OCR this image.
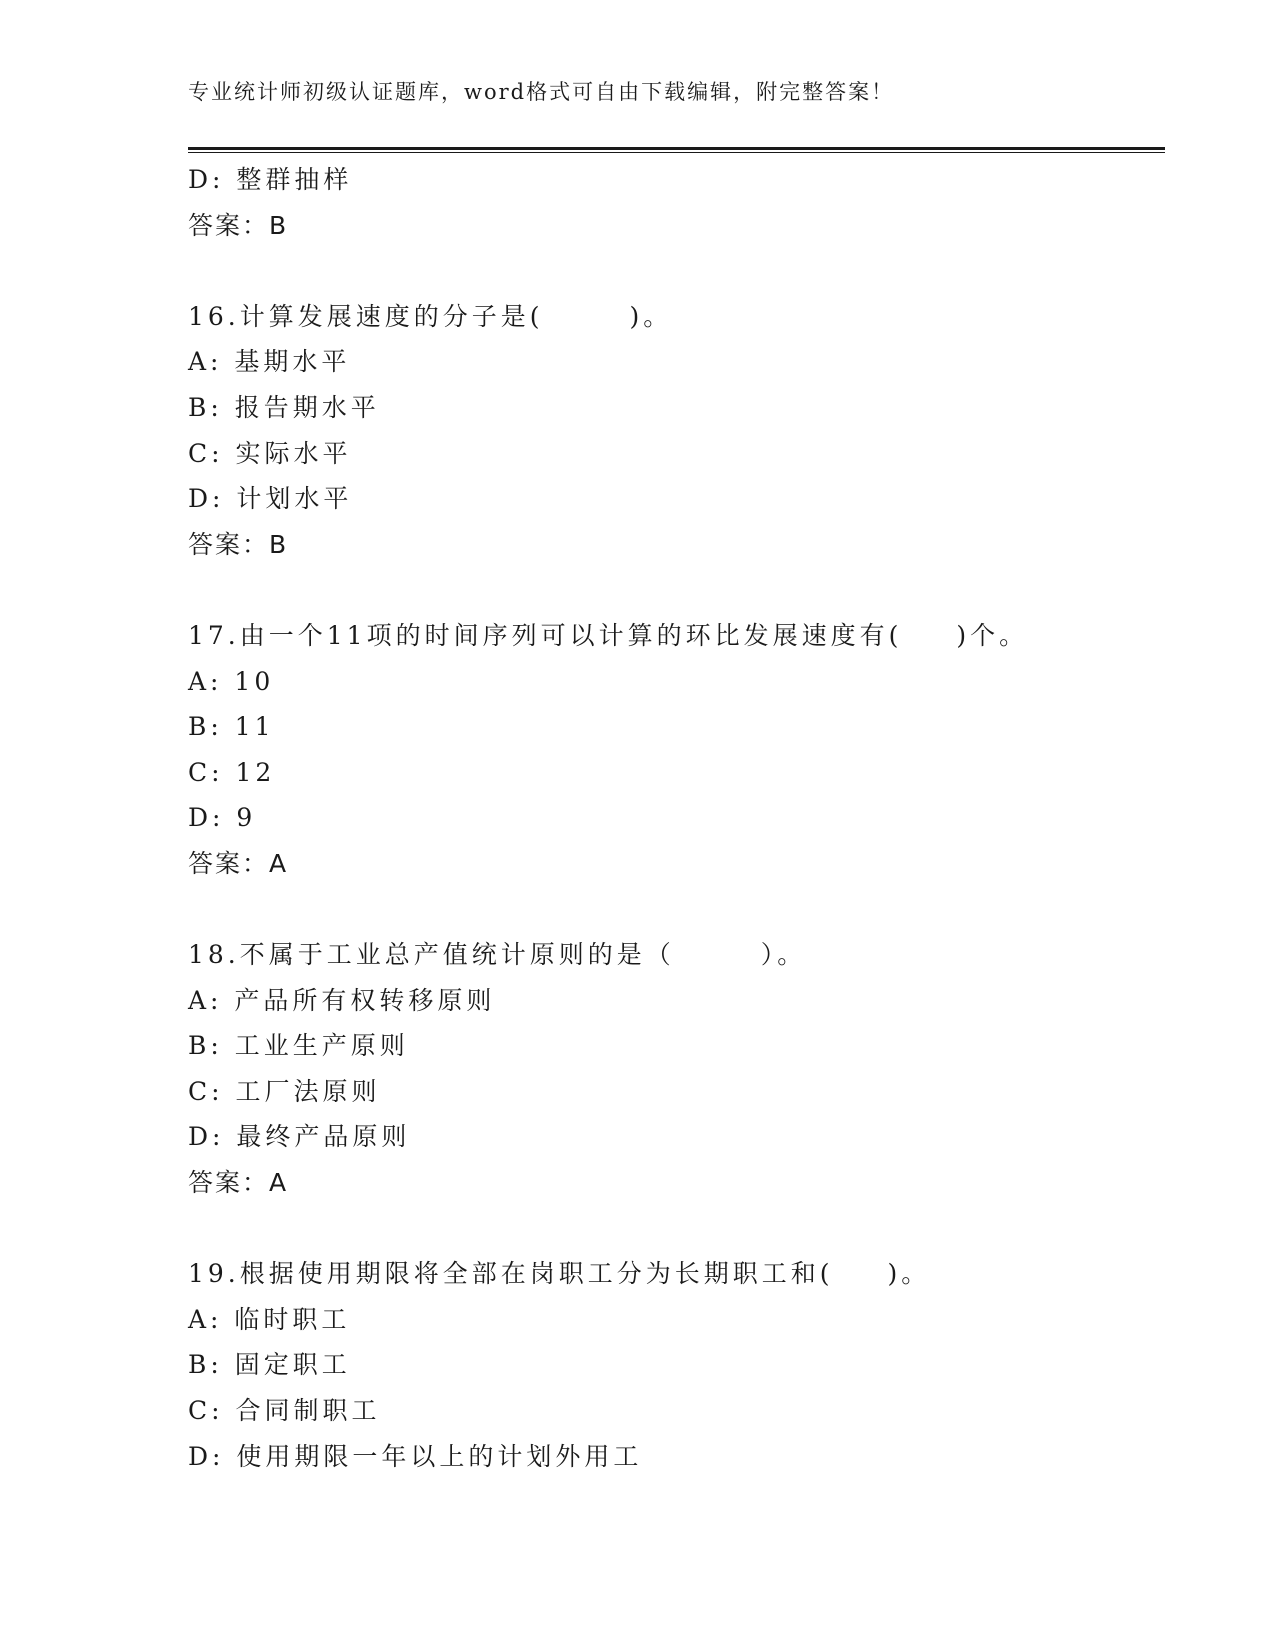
专业统计师初级认证题库，word格式可自由下载编辑，附完整答案！
D: 整群抽样
答案：B
16.计算发展速度的分子是(	)。
A: 基期水平
B: 报告期水平
C: 实际水平
D: 计划水平
答案：B
17.由一个11项的时间序列可以计算的环比发展速度有( )个。
A: 10
B: 11
C: 12
D: 9
答案：A
18.不属于工业总产值统计原则的是（	）。
A: 产品所有权转移原则
B: 工业生产原则
C: 工厂法原则
D: 最终产品原则
答案：A
19.根据使用期限将全部在岗职工分为长期职工和( )。
A: 临时职工
B: 固定职工
C: 合同制职工
D: 使用期限一年以上的计划外用工
